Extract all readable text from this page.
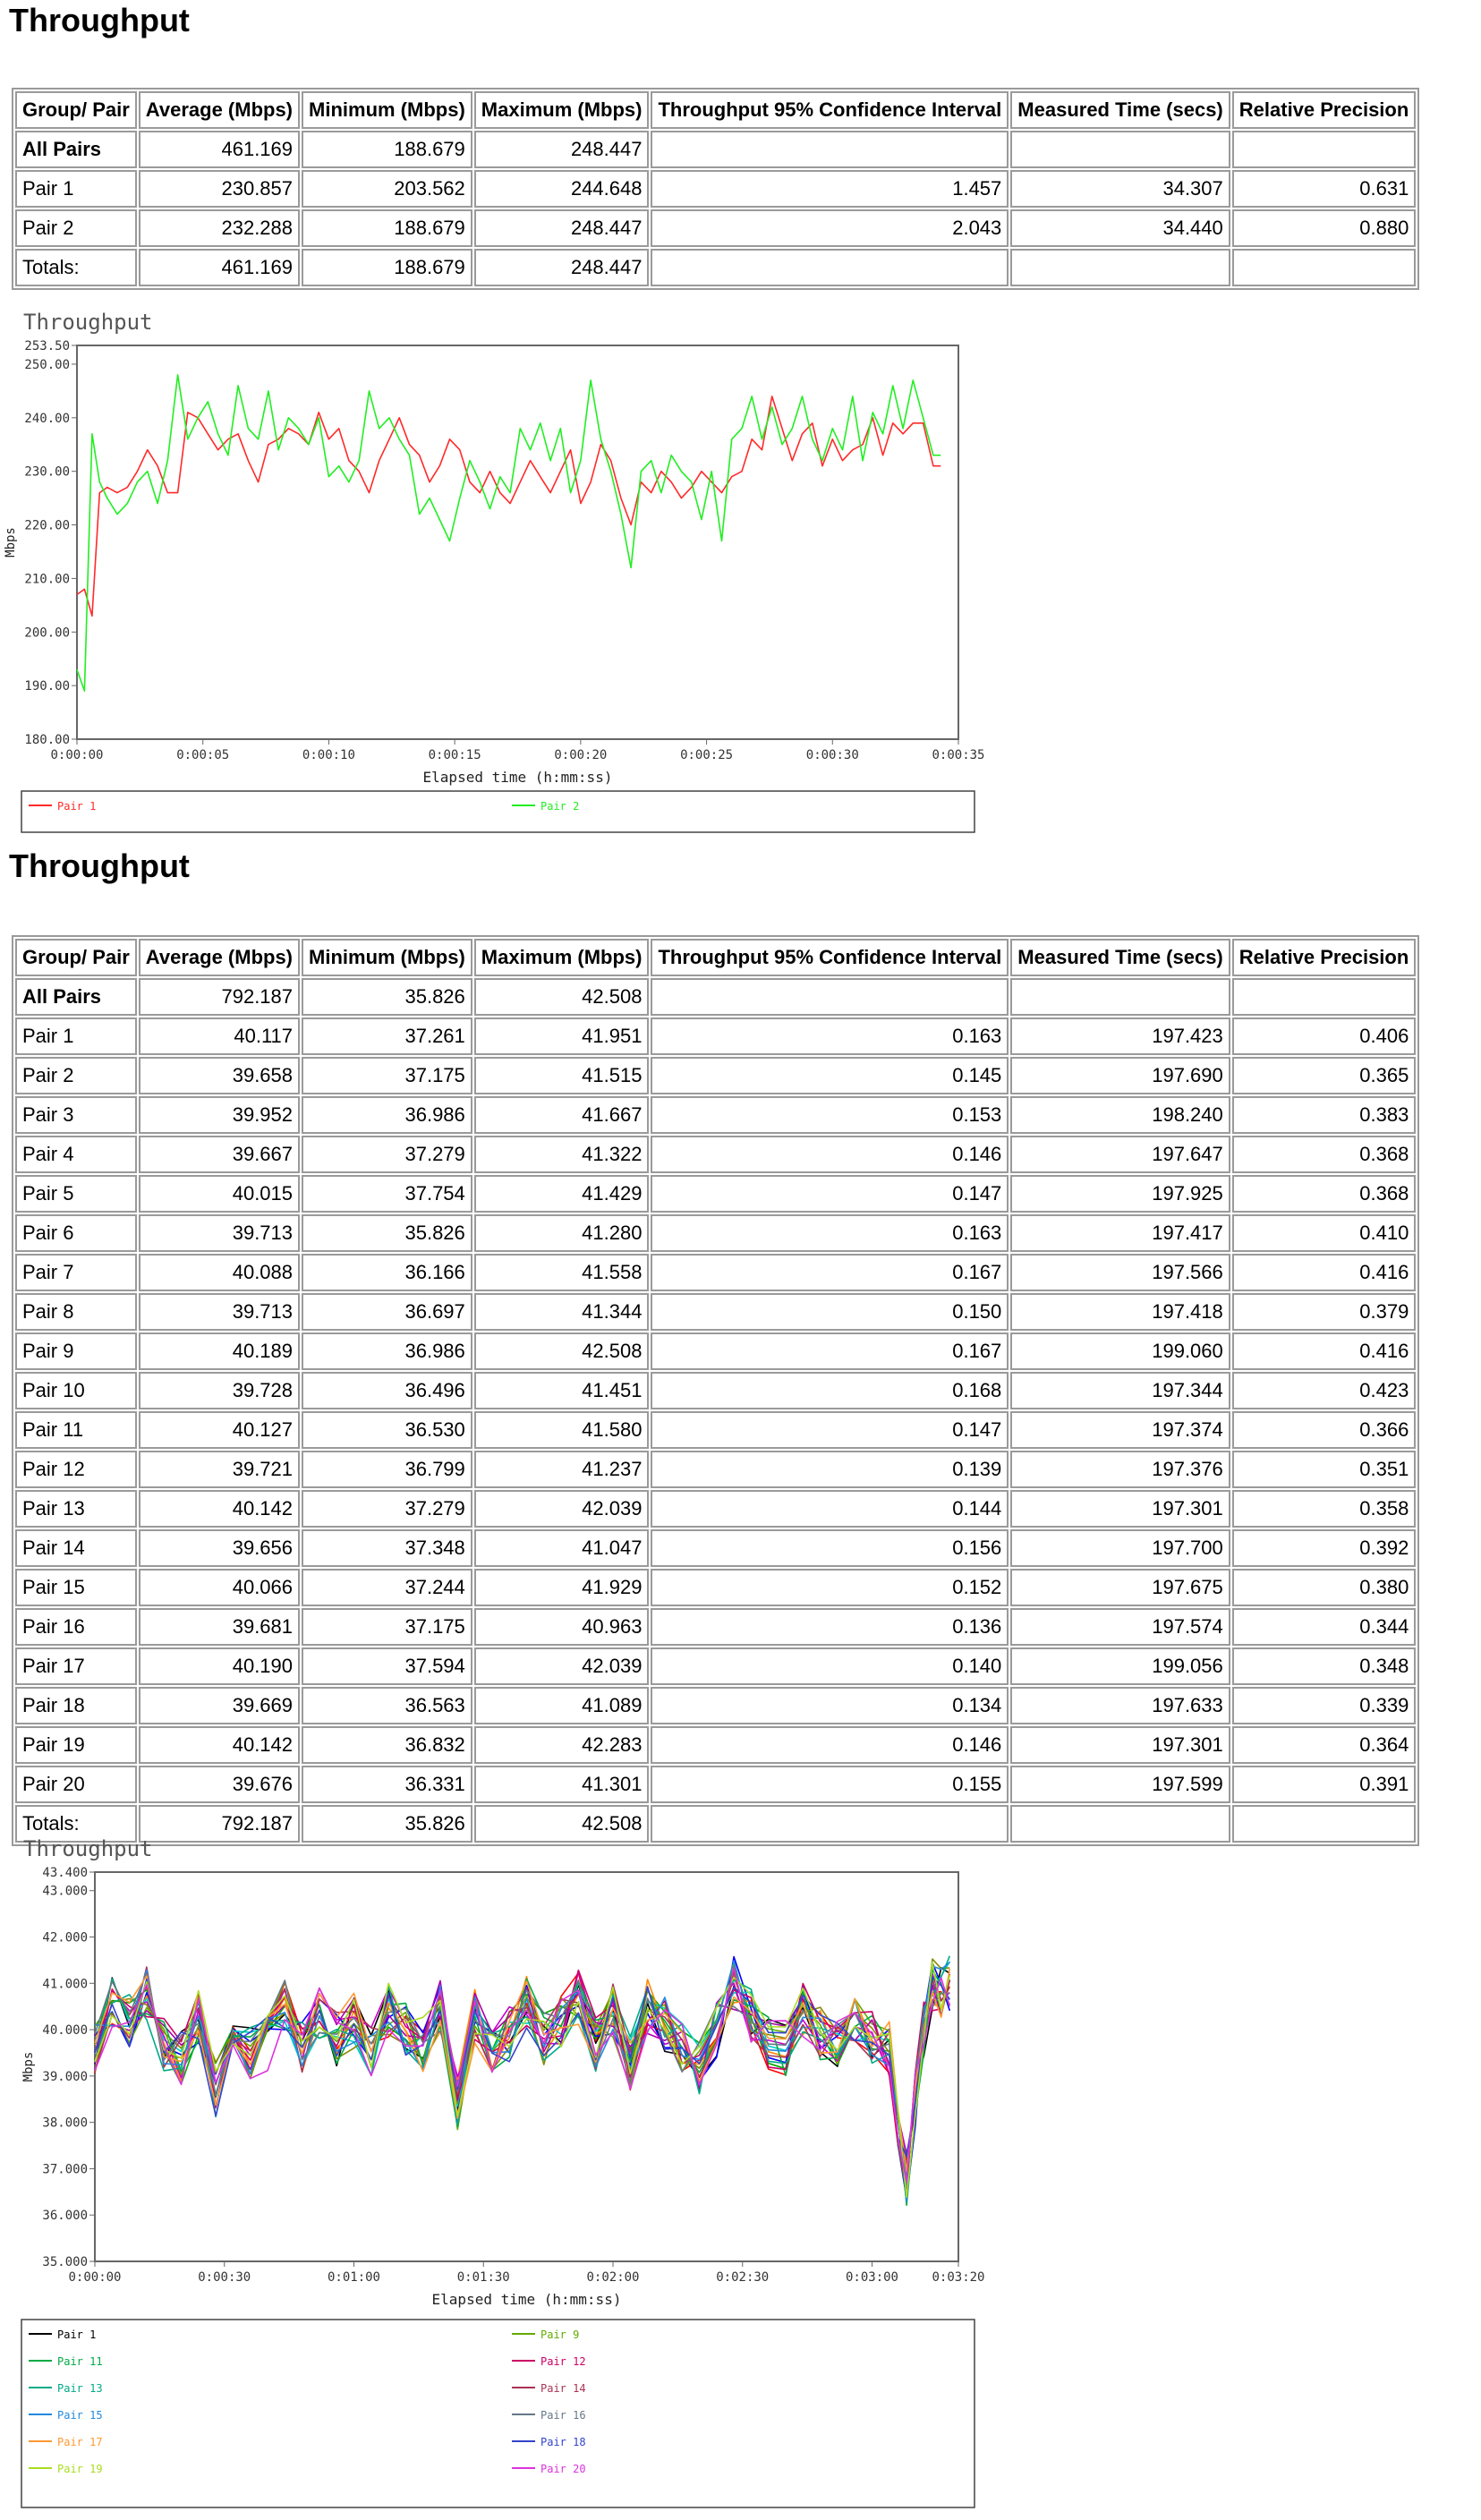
Throughput
Group/ Pair	Average (Mbps)	Minimum (Mbps)	Maximum (Mbps)	Throughput 95% Confidence Interval	Measured Time (secs)	Relative Precision
All Pairs	461.169	188.679	248.447			
Pair 1	230.857	203.562	244.648	1.457	34.307	0.631
Pair 2	232.288	188.679	248.447	2.043	34.440	0.880
Totals:	461.169	188.679	248.447			
Throughput
180.00
190.00
200.00
210.00
220.00
230.00
240.00
250.00
253.50
0:00:00	0:00:05	0:00:10	0:00:15	0:00:20	0:00:25	0:00:30	0:00:35
Elapsed time (h:mm:ss)
Mbps
Pair 1	Pair 2
Throughput
Group/ Pair	Average (Mbps)	Minimum (Mbps)	Maximum (Mbps)	Throughput 95% Confidence Interval	Measured Time (secs)	Relative Precision
All Pairs	792.187	35.826	42.508			
Pair 1	40.117	37.261	41.951	0.163	197.423	0.406
Pair 2	39.658	37.175	41.515	0.145	197.690	0.365
Pair 3	39.952	36.986	41.667	0.153	198.240	0.383
Pair 4	39.667	37.279	41.322	0.146	197.647	0.368
Pair 5	40.015	37.754	41.429	0.147	197.925	0.368
Pair 6	39.713	35.826	41.280	0.163	197.417	0.410
Pair 7	40.088	36.166	41.558	0.167	197.566	0.416
Pair 8	39.713	36.697	41.344	0.150	197.418	0.379
Pair 9	40.189	36.986	42.508	0.167	199.060	0.416
Pair 10	39.728	36.496	41.451	0.168	197.344	0.423
Pair 11	40.127	36.530	41.580	0.147	197.374	0.366
Pair 12	39.721	36.799	41.237	0.139	197.376	0.351
Pair 13	40.142	37.279	42.039	0.144	197.301	0.358
Pair 14	39.656	37.348	41.047	0.156	197.700	0.392
Pair 15	40.066	37.244	41.929	0.152	197.675	0.380
Pair 16	39.681	37.175	40.963	0.136	197.574	0.344
Pair 17	40.190	37.594	42.039	0.140	199.056	0.348
Pair 18	39.669	36.563	41.089	0.134	197.633	0.339
Pair 19	40.142	36.832	42.283	0.146	197.301	0.364
Pair 20	39.676	36.331	41.301	0.155	197.599	0.391
Totals:	792.187	35.826	42.508			
Throughput
35.000
36.000
37.000
38.000
39.000
40.000
41.000
42.000
43.000
43.400
0:00:00	0:00:30	0:01:00	0:01:30	0:02:00	0:02:30	0:03:00	0:03:20
Elapsed time (h:mm:ss)
Mbps
Pair 1	Pair 9
Pair 11	Pair 12
Pair 13	Pair 14
Pair 15	Pair 16
Pair 17	Pair 18
Pair 19	Pair 20
